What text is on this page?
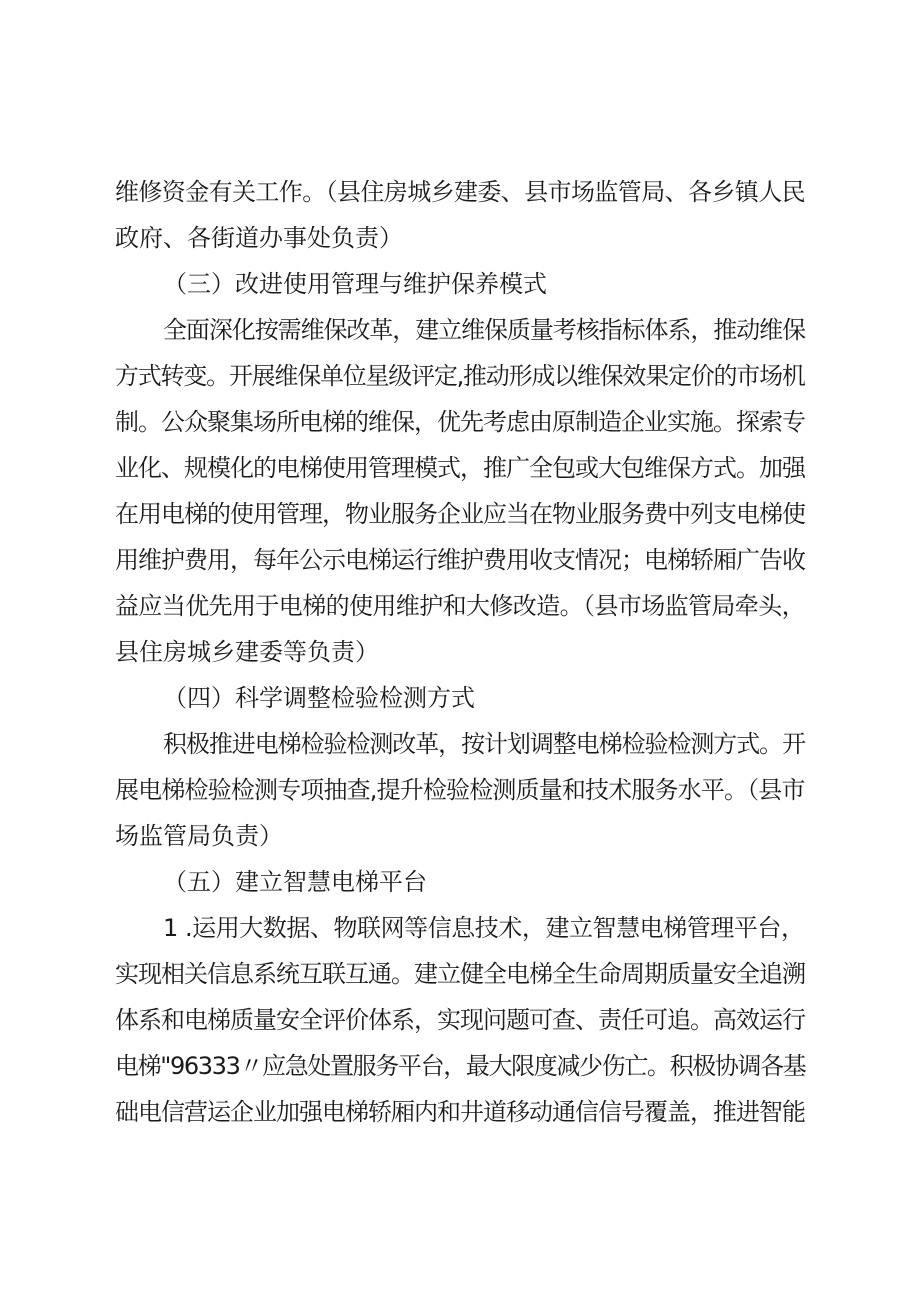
维修资金有关工作。（县住房城乡建委、县市场监管局、各乡镇人民
政府、各街道办事处负责）
（三）改进使用管理与维护保养模式
全面深化按需维保改革，建立维保质量考核指标体系，推动维保
方式转变。开展维保单位星级评定,推动形成以维保效果定价的市场机
制。公众聚集场所电梯的维保，优先考虑由原制造企业实施。探索专
业化、规模化的电梯使用管理模式，推广全包或大包维保方式。加强
在用电梯的使用管理，物业服务企业应当在物业服务费中列支电梯使
用维护费用，每年公示电梯运行维护费用收支情况；电梯轿厢广告收
益应当优先用于电梯的使用维护和大修改造。（县市场监管局牵头，
县住房城乡建委等负责）
（四）科学调整检验检测方式
积极推进电梯检验检测改革，按计划调整电梯检验检测方式。开
展电梯检验检测专项抽查,提升检验检测质量和技术服务水平。（县市
场监管局负责）
（五）建立智慧电梯平台
1 .运用大数据、物联网等信息技术，建立智慧电梯管理平台，
实现相关信息系统互联互通。建立健全电梯全生命周期质量安全追溯
体系和电梯质量安全评价体系，实现问题可查、责任可追。高效运行
电梯"96333〃应急处置服务平台，最大限度减少伤亡。积极协调各基
础电信营运企业加强电梯轿厢内和井道移动通信信号覆盖，推进智能
